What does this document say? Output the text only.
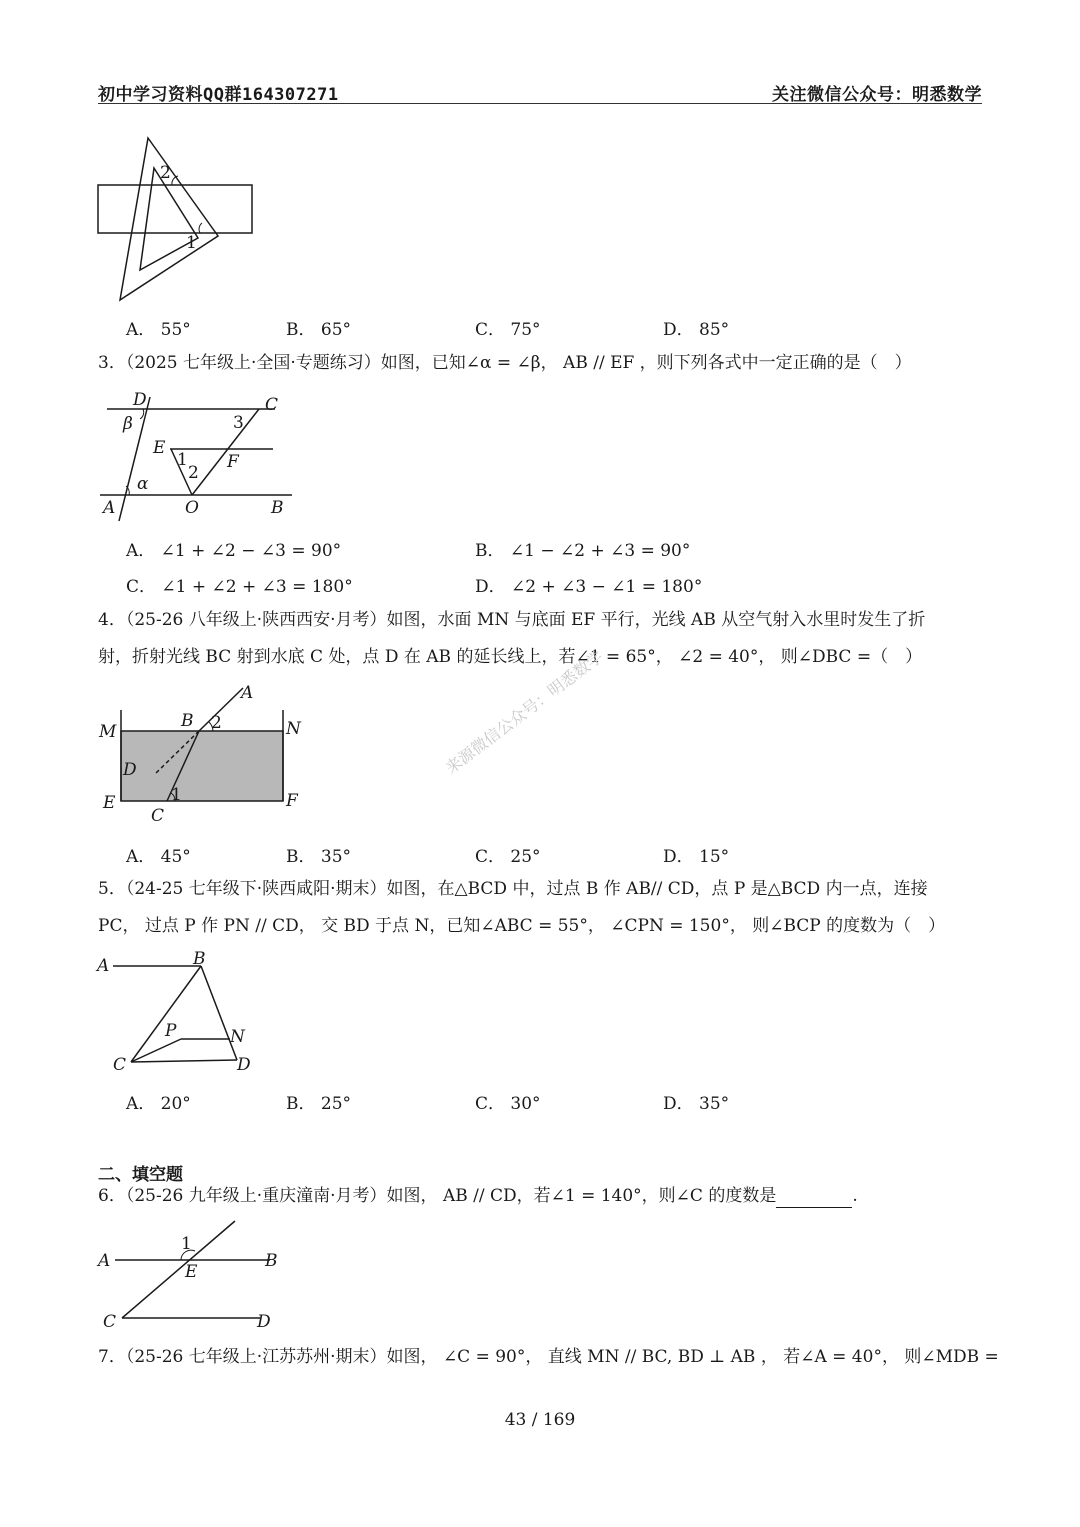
初中学习资料QQ群164307271	关注微信公众号：明悉数学
2
1
A． 55°	B． 65°	C． 75°	D． 85°
3．（2025 七年级上·全国·专题练习）如图，已知∠α = ∠β， AB // EF ，则下列各式中一定正确的是（　）
D	C
β	3
E
1
2
F
α
A	O	B
A． ∠1 + ∠2 − ∠3 = 90°	B． ∠1 − ∠2 + ∠3 = 90°
C． ∠1 + ∠2 + ∠3 = 180°	D． ∠2 + ∠3 − ∠1 = 180°
4．（25-26 八年级上·陕西西安·月考）如图，水面 MN 与底面 EF 平行，光线 AB 从空气射入水里时发生了折
射，折射光线 BC 射到水底 C 处，点 D 在 AB 的延长线上，若∠1 = 65°， ∠2 = 40°， 则∠DBC =（　）
A
B 2
M	N
D
E	F
1
C
来源微信公众号：明悉数学
A． 45°	B． 35°	C． 25°	D． 15°
5．（24-25 七年级下·陕西咸阳·期末）如图，在△BCD 中，过点 B 作 AB// CD，点 P 是△BCD 内一点，连接
PC， 过点 P 作 PN // CD， 交 BD 于点 N，已知∠ABC = 55°， ∠CPN = 150°， 则∠BCP 的度数为（　）
A	B
P	N
C	D
A． 20°	B． 25°	C． 30°	D． 35°
二、填空题
6．（25-26 九年级上·重庆潼南·月考）如图， AB // CD，若∠1 = 140°，则∠C 的度数是	.
1
A
E
B
C	D
7．（25-26 七年级上·江苏苏州·期末）如图， ∠C = 90°， 直线 MN // BC, BD ⊥ AB ， 若∠A = 40°， 则∠MDB =
43 / 169
